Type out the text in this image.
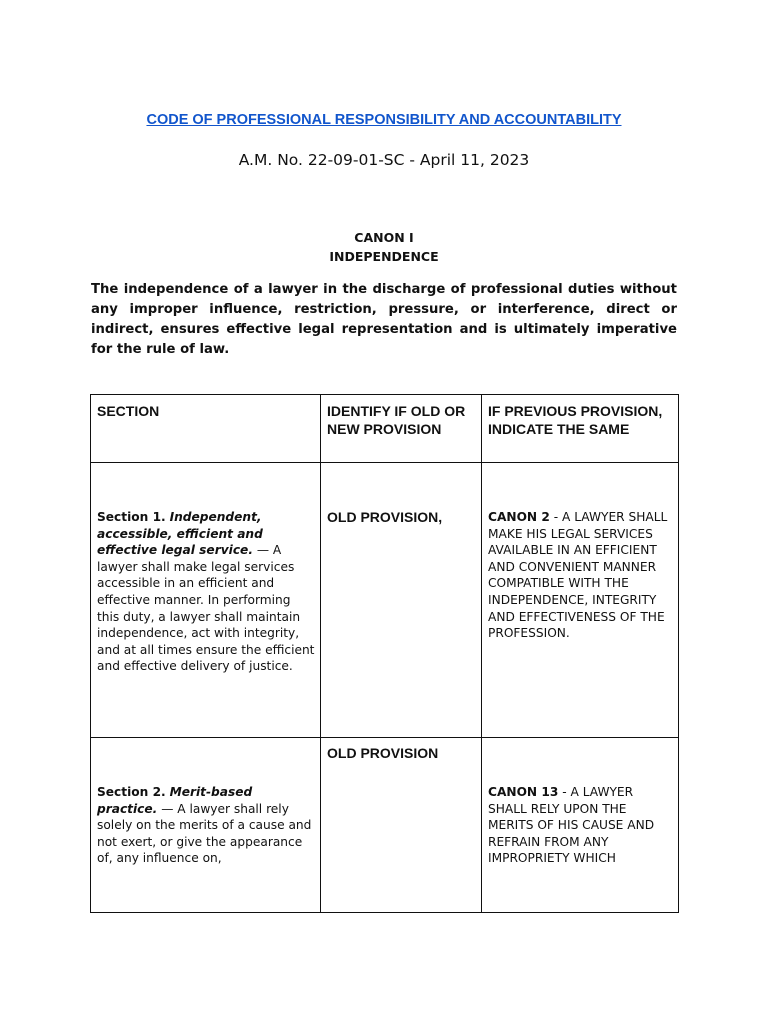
CODE OF PROFESSIONAL RESPONSIBILITY AND ACCOUNTABILITY
A.M. No. 22-09-01-SC - April 11, 2023
CANON I
INDEPENDENCE
The independence of a lawyer in the discharge of professional duties without any improper influence, restriction, pressure, or interference, direct or indirect, ensures effective legal representation and is ultimately imperative for the rule of law.
SECTION	IDENTIFY IF OLD OR NEW PROVISION	IF PREVIOUS PROVISION, INDICATE THE SAME

Section 1. Independent, accessible, efficient and effective legal service. — A lawyer shall make legal services accessible in an efficient and effective manner. In performing this duty, a lawyer shall maintain independence, act with integrity, and at all times ensure the efficient and effective delivery of justice.	OLD PROVISION,	CANON 2 - A LAWYER SHALL MAKE HIS LEGAL SERVICES AVAILABLE IN AN EFFICIENT AND CONVENIENT MANNER COMPATIBLE WITH THE INDEPENDENCE, INTEGRITY AND EFFECTIVENESS OF THE PROFESSION.

Section 2. Merit-based practice. — A lawyer shall rely solely on the merits of a cause and not exert, or give the appearance of, any influence on,	OLD PROVISION	CANON 13 - A LAWYER SHALL RELY UPON THE MERITS OF HIS CAUSE AND REFRAIN FROM ANY IMPROPRIETY WHICH
